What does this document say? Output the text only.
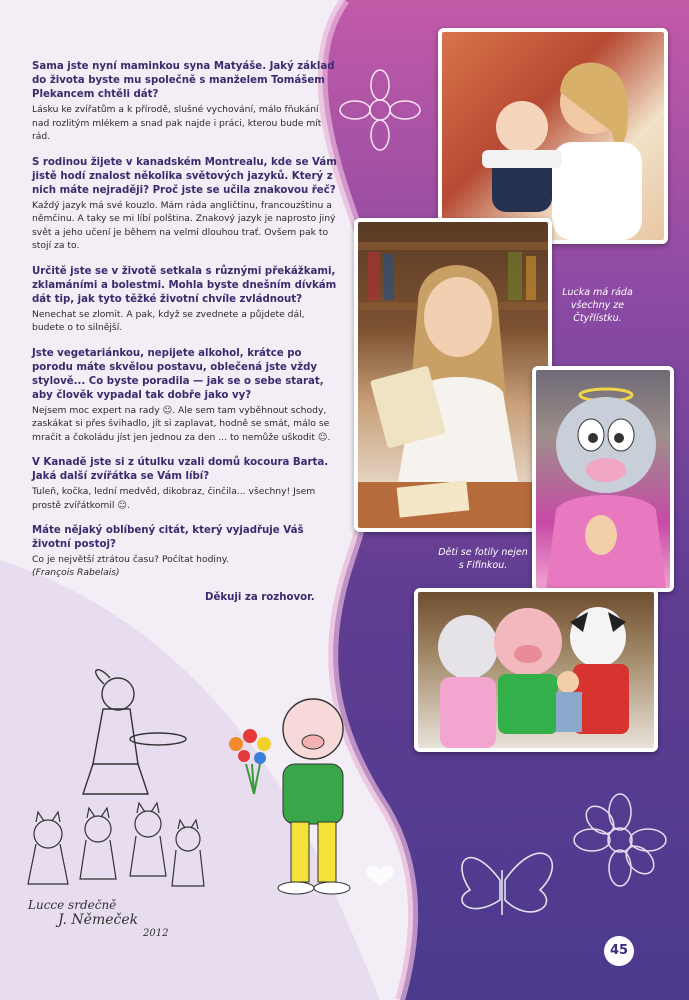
Sama jste nyní maminkou syna Matyáše. Jaký základ do života byste mu společně s manželem Tomášem Plekancem chtěli dát?

Lásku ke zvířatům a k přírodě, slušné vychování, málo fňukání nad rozlitým mlékem a snad pak najde i práci, kterou bude mít rád.

S rodinou žijete v kanadském Montrealu, kde se Vám jistě hodí znalost několika světových jazyků. Který z nich máte nejraději? Proč jste se učila znakovou řeč?

Každý jazyk má své kouzlo. Mám ráda angličtinu, francouzštinu a němčinu. A taky se mi líbí polština. Znakový jazyk je naprosto jiný svět a jeho učení je během na velmi dlouhou trať. Ovšem pak to stojí za to.

Určitě jste se v životě setkala s různými překážkami, zklamáními a bolestmi. Mohla byste dnešním dívkám dát tip, jak tyto těžké životní chvíle zvládnout?

Nenechat se zlomit. A pak, když se zvednete a půjdete dál, budete o to silnější.

Jste vegetariánkou, nepijete alkohol, krátce po porodu máte skvělou postavu, oblečená jste vždy stylově... Co byste poradila — jak se o sebe starat, aby člověk vypadal tak dobře jako vy?

Nejsem moc expert na rady ☺. Ale sem tam vyběhnout schody, zaskákat si přes švihadlo, jít si zaplavat, hodně se smát, málo se mračit a čokoládu jíst jen jednou za den ... to nemůže uškodit ☺.

V Kanadě jste si z útulku vzali domů kocoura Barta. Jaká další zvířátka se Vám líbí?

Tuleň, kočka, lední medvěd, dikobraz, činčila... všechny! Jsem prostě zvířátkomil ☺.

Máte nějaký oblíbený citát, který vyjadřuje Váš životní postoj?

Co je největší ztrátou času? Počítat hodiny.

(François Rabelais)

Děkuji za rozhovor.

Lucka má ráda všechny ze Čtyřlístku.
Děti se fotily nejen s Fifinkou.
Lucce srdečně
J. Němeček
2012
45
